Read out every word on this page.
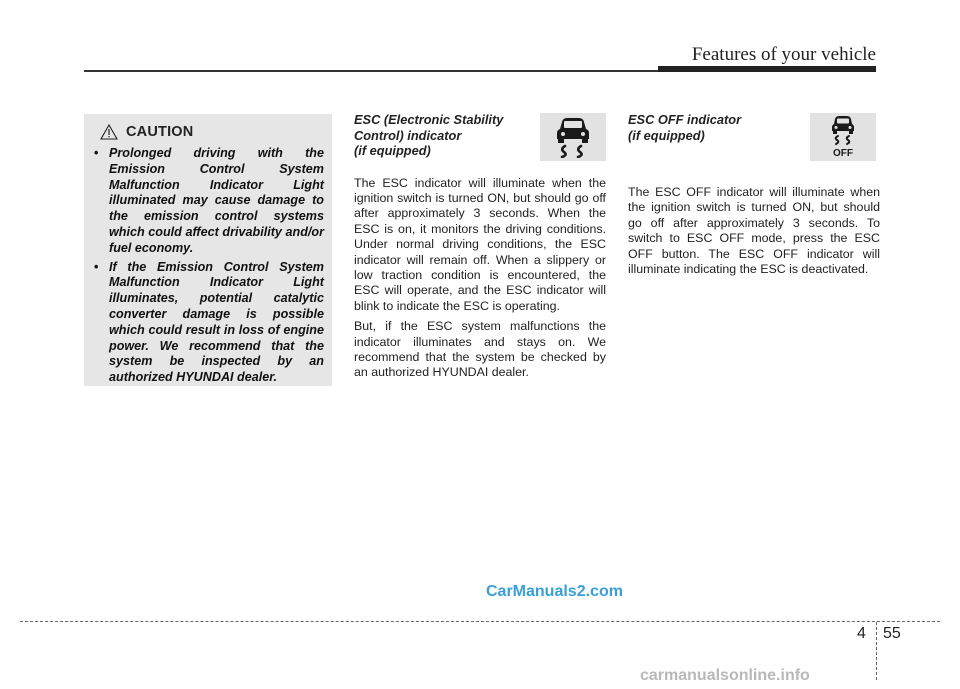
Features of your vehicle
CAUTION
• Prolonged driving with the Emission Control System Malfunction Indicator Light illuminated may cause damage to the emission control systems which could affect drivability and/or fuel economy.
• If the Emission Control System Malfunction Indicator Light illuminates, potential catalytic converter damage is possible which could result in loss of engine power. We recommend that the system be inspected by an authorized HYUNDAI dealer.
ESC (Electronic Stability
Control) indicator
(if equipped)

The ESC indicator will illuminate when the ignition switch is turned ON, but should go off after approximately 3 seconds. When the ESC is on, it monitors the driving conditions. Under normal driving conditions, the ESC indicator will remain off. When a slippery or low traction condition is encountered, the ESC will operate, and the ESC indicator will blink to indicate the ESC is operating.

But, if the ESC system malfunctions the indicator illuminates and stays on. We recommend that the system be checked by an authorized HYUNDAI dealer.

ESC OFF indicator
(if equipped)
OFF

The ESC OFF indicator will illuminate when the ignition switch is turned ON, but should go off after approximately 3 seconds. To switch to ESC OFF mode, press the ESC OFF button. The ESC OFF indicator will illuminate indicating the ESC is deactivated.

CarManuals2.com
4 55
carmanualsonline.info
